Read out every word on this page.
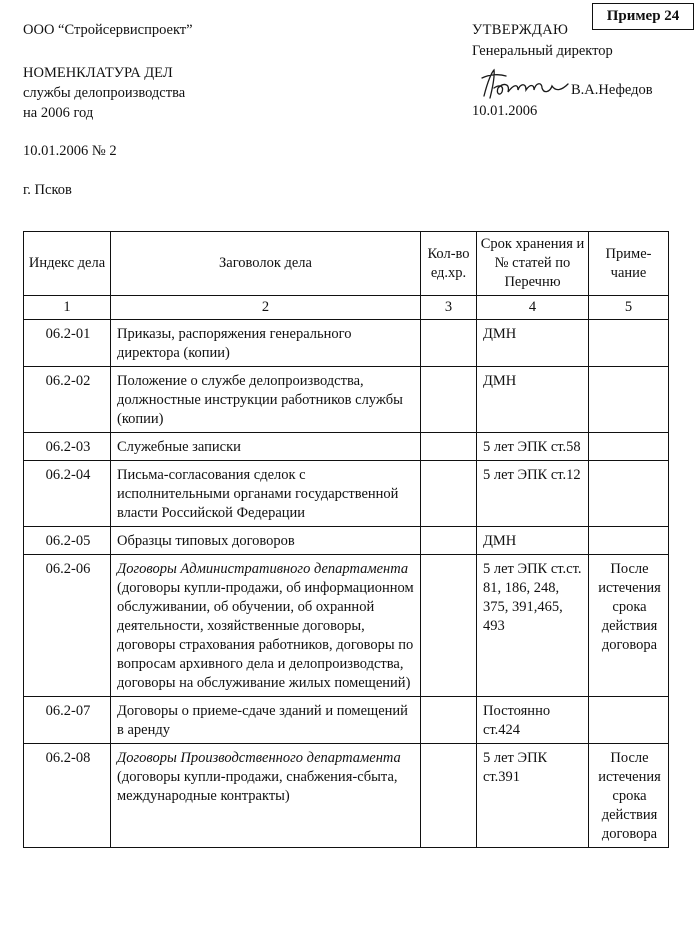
Пример 24
ООО “Стройсервиспроект”
НОМЕНКЛАТУРА ДЕЛ
службы делопроизводства
на 2006 год
10.01.2006 № 2
г. Псков
УТВЕРЖДАЮ
Генеральный директор
В.А.Нефедов
10.01.2006
Индекс дела	Заговолок дела	Кол-во ед.хр.	Срок хранения и № статей по Перечню	Приме-чание
1	2	3	4	5
06.2-01	Приказы, распоряжения генерального директора (копии)		ДМН	
06.2-02	Положение о службе делопроизводства, должностные инструкции работников службы (копии)		ДМН	
06.2-03	Служебные записки		5 лет ЭПК ст.58	
06.2-04	Письма-согласования сделок с исполнительными органами государственной власти Российской Федерации		5 лет ЭПК ст.12	
06.2-05	Образцы типовых договоров		ДМН	
06.2-06	Договоры Административного департамента
(договоры купли-продажи, об информационном обслуживании, об обучении, об охранной деятельности, хозяйственные договоры, договоры страхования работников, договоры по вопросам архивного дела и делопроизводства, договоры на обслуживание жилых помещений)		5 лет ЭПК ст.ст. 81, 186, 248, 375, 391,465, 493	После истечения срока действия договора
06.2-07	Договоры о приеме-сдаче зданий и помещений в аренду		Постоянно ст.424	
06.2-08	Договоры Производственного департамента
(договоры купли-продажи, снабжения-сбыта, международные контракты)		5 лет ЭПК ст.391	После истечения срока действия договора
